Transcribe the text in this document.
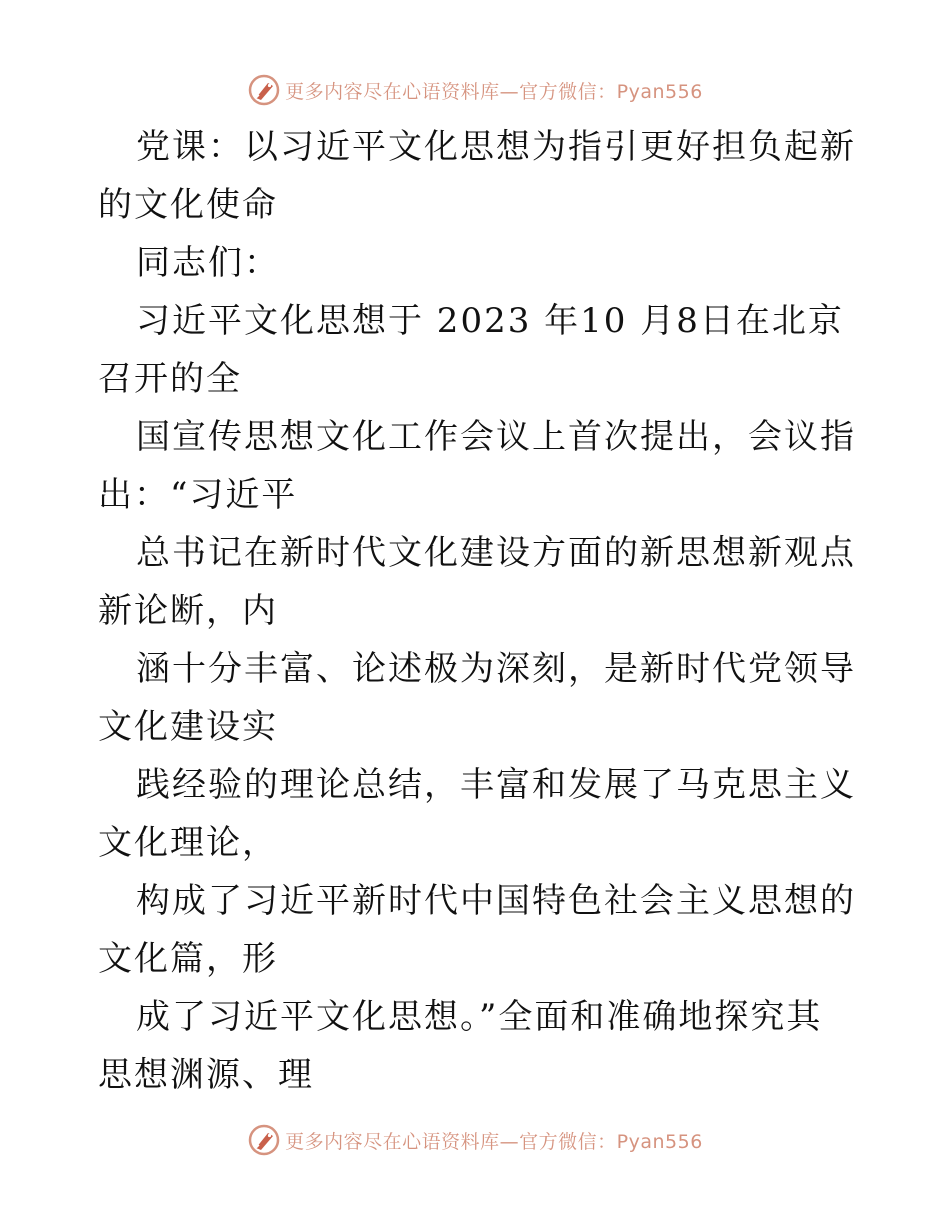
更多内容尽在心语资料库—官方微信：Pyan556

党课：以习近平文化思想为指引更好担负起新的文化使命

同志们：

习近平文化思想于 2023 年10 月8日在北京召开的全

国宣传思想文化工作会议上首次提出，会议指出：“习近平

总书记在新时代文化建设方面的新思想新观点新论断，内

涵十分丰富、论述极为深刻，是新时代党领导文化建设实

践经验的理论总结，丰富和发展了马克思主义文化理论，

构成了习近平新时代中国特色社会主义思想的文化篇，形

成了习近平文化思想。”全面和准确地探究其思想渊源、理

更多内容尽在心语资料库—官方微信：Pyan556
